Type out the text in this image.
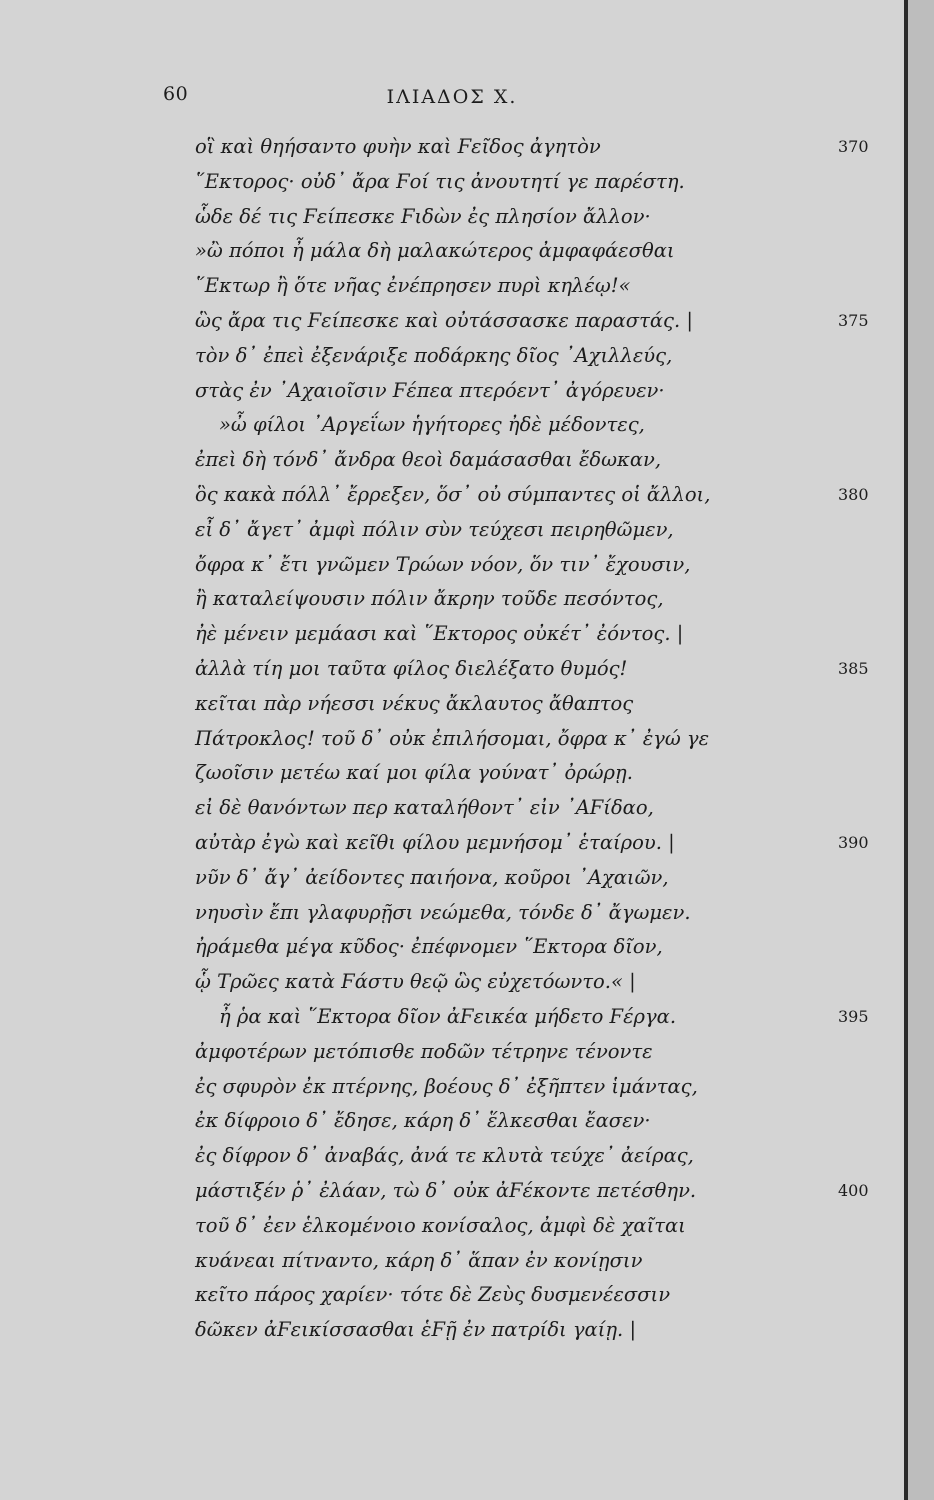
60	ΙΛΙΑΔΟΣ Χ.
οἳ καὶ θηήσαντο φυὴν καὶ Ϝεῖδος ἀγητὸν	370
῞Εκτορος· οὐδ᾽ ἄρα Ϝοί τις ἀνουτητί γε παρέστη.
ὧδε δέ τις Ϝείπεσκε Ϝιδὼν ἐς πλησίον ἄλλον·
»ὢ πόποι ἦ μάλα δὴ μαλακώτερος ἀμφαφάεσθαι
῞Εκτωρ ἢ ὅτε νῆας ἐνέπρησεν πυρὶ κηλέῳ!«
ὣς ἄρα τις Ϝείπεσκε καὶ οὐτάσσασκε παραστάς. |	375
τὸν δ᾽ ἐπεὶ ἐξενάριξε ποδάρκης δῖος ᾿Αχιλλεύς,
στὰς ἐν ᾿Αχαιοῖσιν Ϝέπεα πτερόεντ᾽ ἀγόρευεν·
»ὦ φίλοι ᾿Αργεΐων ἡγήτορες ἠδὲ μέδοντες,
ἐπεὶ δὴ τόνδ᾽ ἄνδρα θεοὶ δαμάσασθαι ἔδωκαν,
ὃς κακὰ πόλλ᾽ ἔρρεξεν, ὅσ᾽ οὐ σύμπαντες οἱ ἄλλοι,	380
εἶ δ᾽ ἄγετ᾽ ἀμφὶ πόλιν σὺν τεύχεσι πειρηθῶμεν,
ὄφρα κ᾽ ἔτι γνῶμεν Τρώων νόον, ὅν τιν᾽ ἔχουσιν,
ἢ καταλείψουσιν πόλιν ἄκρην τοῦδε πεσόντος,
ἠὲ μένειν μεμάασι καὶ ῞Εκτορος οὐκέτ᾽ ἐόντος. |
ἀλλὰ τίη μοι ταῦτα φίλος διελέξατο θυμός!	385
κεῖται πὰρ νήεσσι νέκυς ἄκλαυτος ἄθαπτος
Πάτροκλος! τοῦ δ᾽ οὐκ ἐπιλήσομαι, ὄφρα κ᾽ ἐγώ γε
ζωοῖσιν μετέω καί μοι φίλα γούνατ᾽ ὀρώρῃ.
εἰ δὲ θανόντων περ καταλήθοντ᾽ εἰν ᾿ΑϜίδαο,
αὐτὰρ ἐγὼ καὶ κεῖθι φίλου μεμνήσομ᾽ ἑταίρου. |	390
νῦν δ᾽ ἄγ᾽ ἀείδοντες παιήονα, κοῦροι ᾿Αχαιῶν,
νηυσὶν ἔπι γλαφυρῇσι νεώμεθα, τόνδε δ᾽ ἄγωμεν.
ἠράμεθα μέγα κῦδος· ἐπέφνομεν ῞Εκτορα δῖον,
ᾧ Τρῶες κατὰ Ϝάστυ θεῷ ὣς εὐχετόωντο.« |
ἦ ῥα καὶ ῞Εκτορα δῖον ἀϜεικέα μήδετο Ϝέργα.	395
ἀμφοτέρων μετόπισθε ποδῶν τέτρηνε τένοντε
ἐς σφυρὸν ἐκ πτέρνης, βοέους δ᾽ ἐξῆπτεν ἱμάντας,
ἐκ δίφροιο δ᾽ ἔδησε, κάρη δ᾽ ἕλκεσθαι ἔασεν·
ἐς δίφρον δ᾽ ἀναβάς, ἀνά τε κλυτὰ τεύχε᾽ ἀείρας,
μάστιξέν ῥ᾽ ἐλάαν, τὼ δ᾽ οὐκ ἀϜέκοντε πετέσθην.	400
τοῦ δ᾽ ἐεν ἑλκομένοιο κονίσαλος, ἀμφὶ δὲ χαῖται
κυάνεαι πίτναντο, κάρη δ᾽ ἅπαν ἐν κονίῃσιν
κεῖτο πάρος χαρίεν· τότε δὲ Ζεὺς δυσμενέεσσιν
δῶκεν ἀϜεικίσσασθαι ἑϜῇ ἐν πατρίδι γαίῃ. |
